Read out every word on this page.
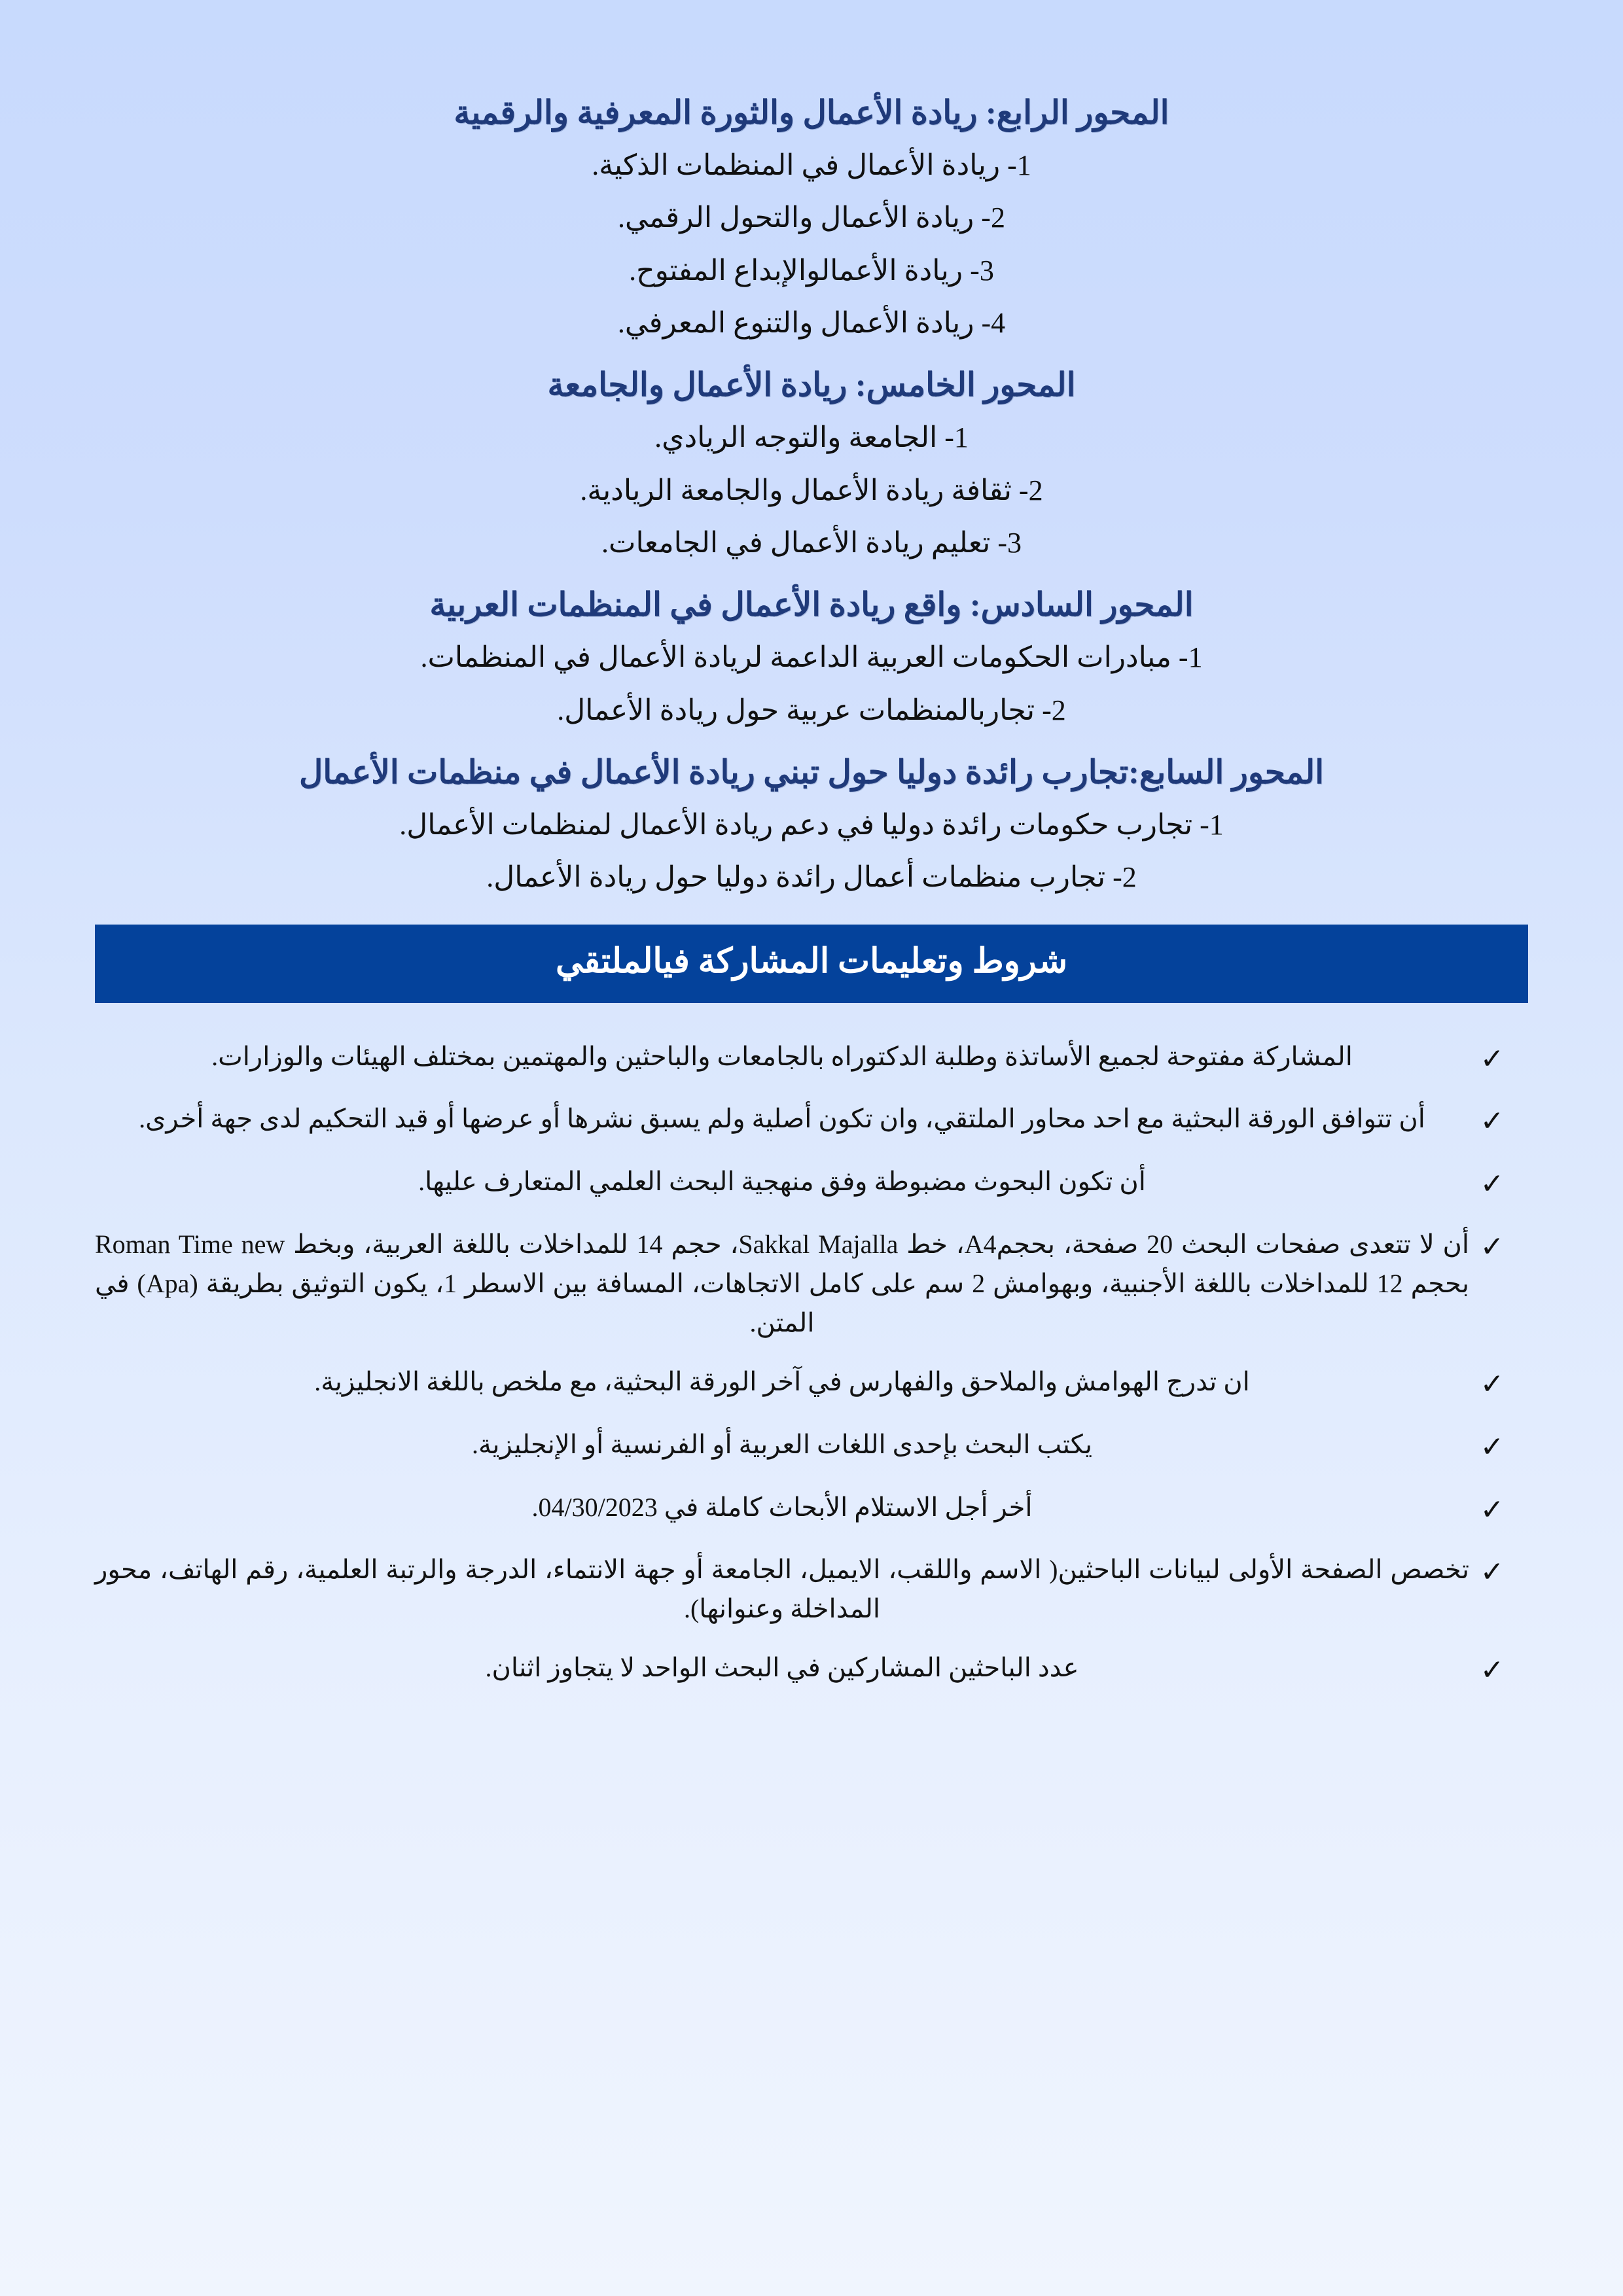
المحور الرابع: ريادة الأعمال والثورة المعرفية والرقمية
1- ريادة الأعمال في المنظمات الذكية.
2- ريادة الأعمال والتحول الرقمي.
3- ريادة الأعمالوالإبداع المفتوح.
4- ريادة الأعمال والتنوع المعرفي.
المحور الخامس: ريادة الأعمال والجامعة
1- الجامعة والتوجه الريادي.
2- ثقافة ريادة الأعمال والجامعة الريادية.
3- تعليم ريادة الأعمال في الجامعات.
المحور السادس: واقع ريادة الأعمال في المنظمات العربية
1- مبادرات الحكومات العربية الداعمة لريادة الأعمال في المنظمات.
2- تجاربالمنظمات عربية حول ريادة الأعمال.
المحور السابع:تجارب رائدة دوليا حول تبني ريادة الأعمال في منظمات الأعمال
1- تجارب حكومات رائدة دوليا في دعم ريادة الأعمال لمنظمات الأعمال.
2- تجارب منظمات أعمال رائدة دوليا حول ريادة الأعمال.
شروط وتعليمات المشاركة فيالملتقي
✓
المشاركة مفتوحة لجميع الأساتذة وطلبة الدكتوراه بالجامعات والباحثين والمهتمين بمختلف الهيئات والوزارات.
✓
أن تتوافق الورقة البحثية مع احد محاور الملتقي، وان تكون أصلية ولم يسبق نشرها أو عرضها أو قيد التحكيم لدى جهة أخرى.
✓
أن تكون البحوث مضبوطة وفق منهجية البحث العلمي المتعارف عليها.
✓
أن لا تتعدى صفحات البحث 20 صفحة، بحجمA4، خط Sakkal Majalla، حجم 14 للمداخلات باللغة العربية، وبخط Roman Time new بحجم 12 للمداخلات باللغة الأجنبية، وبهوامش 2 سم على كامل الاتجاهات، المسافة بين الاسطر 1، يكون التوثيق بطريقة (Apa) في المتن.
✓
ان تدرج الهوامش والملاحق والفهارس في آخر الورقة البحثية، مع ملخص باللغة الانجليزية.
✓
يكتب البحث بإحدى اللغات العربية أو الفرنسية أو الإنجليزية.
✓
أخر أجل الاستلام الأبحاث كاملة في 04/30/2023.
✓
تخصص الصفحة الأولى لبيانات الباحثين( الاسم واللقب، الايميل، الجامعة أو جهة الانتماء، الدرجة والرتبة العلمية، رقم الهاتف، محور المداخلة وعنوانها).
✓
عدد الباحثين المشاركين في البحث الواحد لا يتجاوز اثنان.
